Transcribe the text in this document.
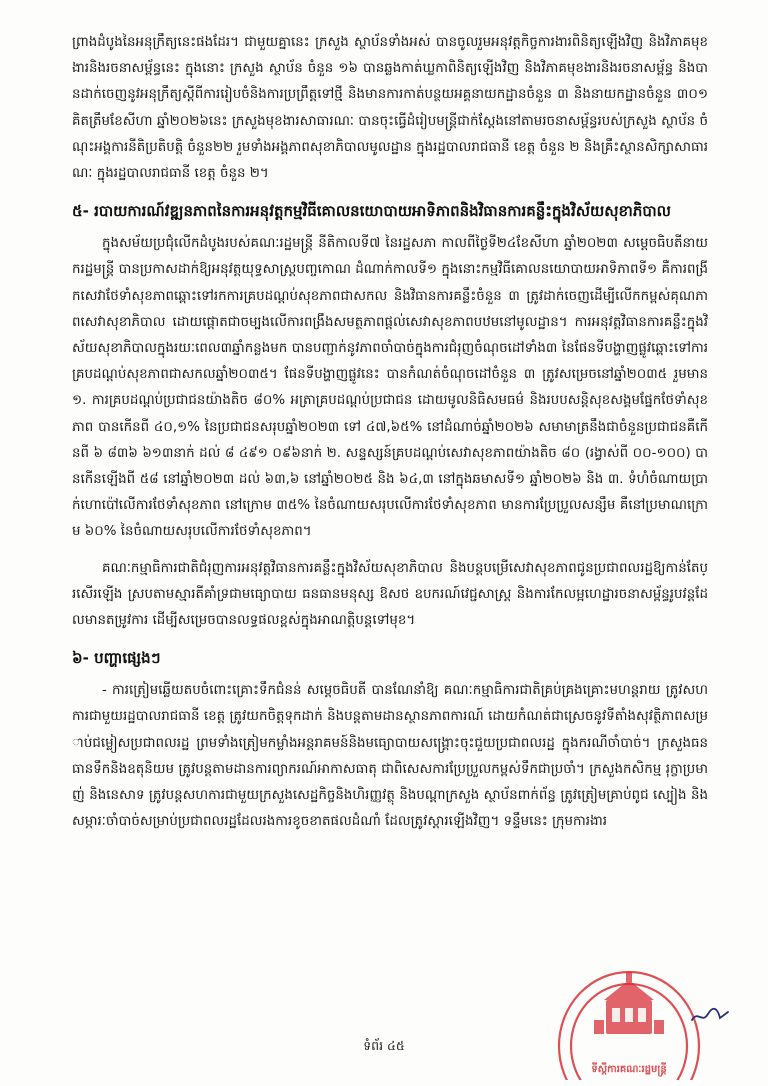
ព្រាងដំបូងនៃអនុក្រឹត្យនេះផងដែរ។ ជាមួយគ្នានេះ ក្រសួង ស្ថាប័នទាំងអស់ បានចូលរួមអនុវត្តកិច្ចការងារពិនិត្យឡើងវិញ និងវិភាគមុខងារនិងរចនាសម្ព័ន្ធនេះ ក្នុងនោះ ក្រសួង ស្ថាប័ន ចំនួន ១៦ បានឆ្លងកាត់ឃ្លកាពិនិត្យឡើងវិញ និងវិភាគមុខងារនិងរចនាសម្ព័ន្ធ និងបានដាក់ចេញនូវអនុក្រឹត្យស្ដីពីការរៀបចំនិងការប្រព្រឹត្តទៅថ្មី និងមានការកាត់បន្ថយអគ្គនាយកដ្ឋានចំនួន ៣ និងនាយកដ្ឋានចំនួន ៣០១ គិតត្រឹមខែសីហា ឆ្នាំ២០២៦នេះ ក្រសួងមុខងារសាធារណៈ បានចុះធ្វើដំរៀបមន្ត្រីជាក់ស្ដែងនៅតាមរចនាសម្ព័ន្ធរបស់ក្រសួង ស្ថាប័ន ចំណុះអង្គការនីតិប្រតិបត្តិ ចំនួន២២ រួមទាំងអង្គភាពសុខាភិបាលមូលដ្ឋាន ក្នុងរដ្ឋបាលរាជធានី ខេត្ត ចំនួន ២ និងគ្រឹះស្ថានសិក្សាសាធារណៈ ក្នុងរដ្ឋបាលរាជធានី ខេត្ត ចំនួន ២។

៥- របាយការណ៍វឌ្ឍនភាពនៃការអនុវត្តកម្មវិធីគោលនយោបាយអាទិភាពនិងវិធានការគន្លឹះក្នុងវិស័យសុខាភិបាល

ក្នុងសម័យប្រជុំលើកដំបូងរបស់គណៈរដ្ឋមន្ត្រី នីតិកាលទី៧ នៃរដ្ឋសភា កាលពីថ្ងៃទី២៤ខែសីហា ឆ្នាំ២០២៣ សម្ដេចធិបតីនាយករដ្ឋមន្ត្រី បានប្រកាសដាក់ឱ្យអនុវត្តយុទ្ធសាស្ត្របញ្ចកោណ ដំណាក់កាលទី១ ក្នុងនោះកម្មវិធីគោលនយោបាយអាទិភាពទី១ គឺការពង្រីកសេវាថែទាំសុខភាពឆ្ពោះទៅរកការគ្របដណ្ដប់សុខភាពជាសកល និងវិធានការគន្លឹះចំនួន ៣ ត្រូវដាក់ចេញដើម្បីលើកកម្ពស់គុណភាពសេវាសុខាភិបាល ដោយផ្ដោតជាចម្បងលើការពង្រឹងសមត្ថភាពផ្ដល់សេវាសុខភាពបឋមនៅមូលដ្ឋាន។ ការអនុវត្តវិធានការគន្លឹះក្នុងវិស័យសុខាភិបាលក្នុងរយៈពេល៣ឆ្នាំកន្លងមក បានបញ្ជាក់នូវភាពចាំបាច់ក្នុងការជំរុញចំណុចដៅទាំង៣ នៃផែនទីបង្ហាញផ្លូវឆ្ពោះទៅការគ្របដណ្ដប់សុខភាពជាសកលឆ្នាំ២០៣៥។ ផែនទីបង្ហាញផ្លូវនេះ បានកំណត់ចំណុចដៅចំនួន ៣ ត្រូវសម្រេចនៅឆ្នាំ២០៣៥ រួមមាន ១. ការគ្របដណ្ដប់ប្រជាជនយ៉ាងតិច ៨០% អត្រាគ្របដណ្ដប់ប្រជាជន ដោយមូលនិធិសមធម៌ និងរបបសន្តិសុខសង្គមផ្នែកថែទាំសុខភាព បានកើនពី ៤០,១% នៃប្រជាជនសរុបឆ្នាំ២០២៣ ទៅ ៤៧,៦៥% នៅដំណាច់ឆ្នាំ២០២៦ សមាមាត្រនឹងជាចំនួនប្រជាជនគឺកើនពី ៦ ៨៣៦ ៦១៣នាក់ ដល់ ៨ ៤៩១ ០៩៦នាក់ ២. សន្ទស្សន៍គ្របដណ្ដប់សេវាសុខភាពយ៉ាងតិច ៨០ (រង្វាស់ពី ០០-១០០) បានកើនឡើងពី ៥៨ នៅឆ្នាំ២០២៣ ដល់ ៦៣,៦ នៅឆ្នាំ២០២៥ និង ៦៤,៣ នៅក្នុងឆមាសទី១ ឆ្នាំ២០២៦ និង ៣. ទំហំចំណាយប្រាក់ហោប៉ៅលើការថែទាំសុខភាព នៅក្រោម ៣៥% នៃចំណាយសរុបលើការថែទាំសុខភាព មានការប្រែប្រួលសន្សឹម គឺនៅប្រមាណក្រោម ៦០% នៃចំណាយសរុបលើការថែទាំសុខភាព។

គណៈកម្មាធិការជាតិជំរុញការអនុវត្តវិធានការគន្លឹះក្នុងវិស័យសុខាភិបាល និងបន្តបម្រើសេវាសុខភាពជូនប្រជាពលរដ្ឋឱ្យកាន់តែប្រសើរឡើង ស្របតាមស្មារតីគាំទ្រជាមធ្យោបាយ ធនធានមនុស្ស ឱសថ ឧបករណ៍វេជ្ជសាស្ត្រ និងការកែលម្អហេដ្ឋារចនាសម្ព័ន្ធរូបវន្តដែលមានតម្រូវការ ដើម្បីសម្រេចបានលទ្ធផលខ្ពស់ក្នុងអាណត្តិបន្តទៅមុខ។

៦- បញ្ហាផ្សេងៗ

- ការត្រៀមឆ្លើយតបចំពោះគ្រោះទឹកជំនន់ សម្ដេចធិបតី បានណែនាំឱ្យ គណៈកម្មាធិការជាតិគ្រប់គ្រងគ្រោះមហន្តរាយ ត្រូវសហការជាមួយរដ្ឋបាលរាជធានី ខេត្ត ត្រូវយកចិត្តទុកដាក់ និងបន្តតាមដានស្ថានភាពការណ៍ ដោយកំណត់ជាស្រេចនូវទីតាំងសុវត្ថិភាពសម្រាប់ជម្លៀសប្រជាពលរដ្ឋ ព្រមទាំងត្រៀមកម្លាំងអន្តរាគមន៍និងមធ្យោបាយសង្គ្រោះចុះជួយប្រជាពលរដ្ឋ ក្នុងករណីចាំបាច់។ ក្រសួងធនធានទឹកនិងឧតុនិយម ត្រូវបន្តតាមដានការព្យាករណ៍អាកាសធាតុ ជាពិសេសការប្រែប្រួលកម្ពស់ទឹកជាប្រចាំ។ ក្រសួងកសិកម្ម រុក្ខាប្រមាញ់ និងនេសាទ ត្រូវបន្តសហការជាមួយក្រសួងសេដ្ឋកិច្ចនិងហិរញ្ញវត្ថុ និងបណ្ដាក្រសួង ស្ថាប័នពាក់ព័ន្ធ ត្រូវត្រៀមគ្រាប់ពូជ ស្បៀង និងសម្ភារៈចាំបាច់សម្រាប់ប្រជាពលរដ្ឋដែលរងការខូចខាតផលដំណាំ ដែលត្រូវស្ដារឡើងវិញ។ ទន្ទឹមនេះ ក្រុមការងារ

ទីស្ដីការគណៈរដ្ឋមន្ត្រី
ទំព័រ ៤៥
